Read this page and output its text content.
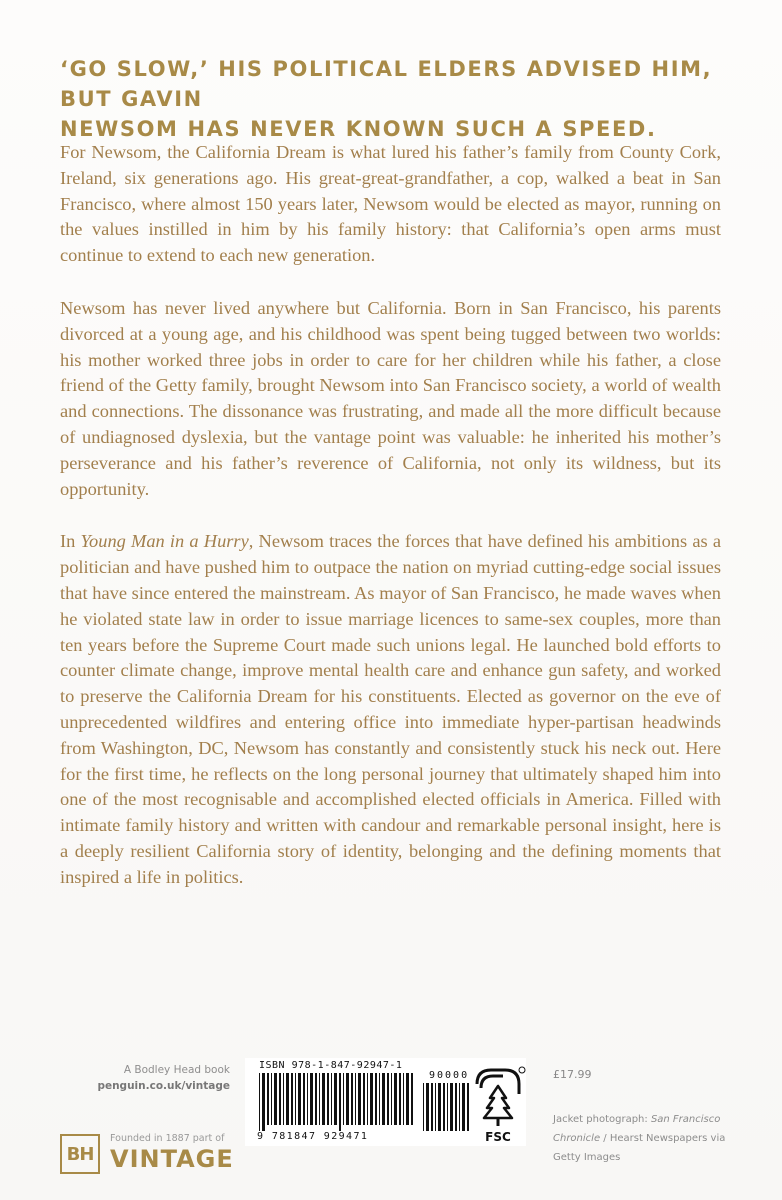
‘GO SLOW,’ HIS POLITICAL ELDERS ADVISED HIM, BUT GAVIN
NEWSOM HAS NEVER KNOWN SUCH A SPEED.

For Newsom, the California Dream is what lured his father’s family from County Cork, Ireland, six generations ago. His great-great-grandfather, a cop, walked a beat in San Francisco, where almost 150 years later, Newsom would be elected as mayor, running on the values instilled in him by his family history: that California’s open arms must continue to extend to each new generation.

Newsom has never lived anywhere but California. Born in San Francisco, his parents divorced at a young age, and his childhood was spent being tugged between two worlds: his mother worked three jobs in order to care for her children while his father, a close friend of the Getty family, brought Newsom into San Francisco society, a world of wealth and connections. The dissonance was frustrating, and made all the more difficult because of undiagnosed dyslexia, but the vantage point was valuable: he inherited his mother’s perseverance and his father’s reverence of California, not only its wildness, but its opportunity.

In Young Man in a Hurry, Newsom traces the forces that have defined his ambitions as a politician and have pushed him to outpace the nation on myriad cutting-edge social issues that have since entered the mainstream. As mayor of San Francisco, he made waves when he violated state law in order to issue marriage licences to same-sex couples, more than ten years before the Supreme Court made such unions legal. He launched bold efforts to counter climate change, improve mental health care and enhance gun safety, and worked to preserve the California Dream for his constituents. Elected as governor on the eve of unprecedented wildfires and entering office into immediate hyper-partisan headwinds from Washington, DC, Newsom has constantly and consistently stuck his neck out. Here for the first time, he reflects on the long personal journey that ultimately shaped him into one of the most recognisable and accomplished elected officials in America. Filled with intimate family history and written with candour and remarkable personal insight, here is a deeply resilient California story of identity, belonging and the defining moments that inspired a life in politics.

A Bodley Head book
penguin.co.uk/vintage
BH
Founded in 1887 part of
VINTAGE
ISBN 978-1-847-92947-1
90000
9 781847 929471	FSC
£17.99
Jacket photograph: San Francisco Chronicle / Hearst Newspapers via Getty Images
